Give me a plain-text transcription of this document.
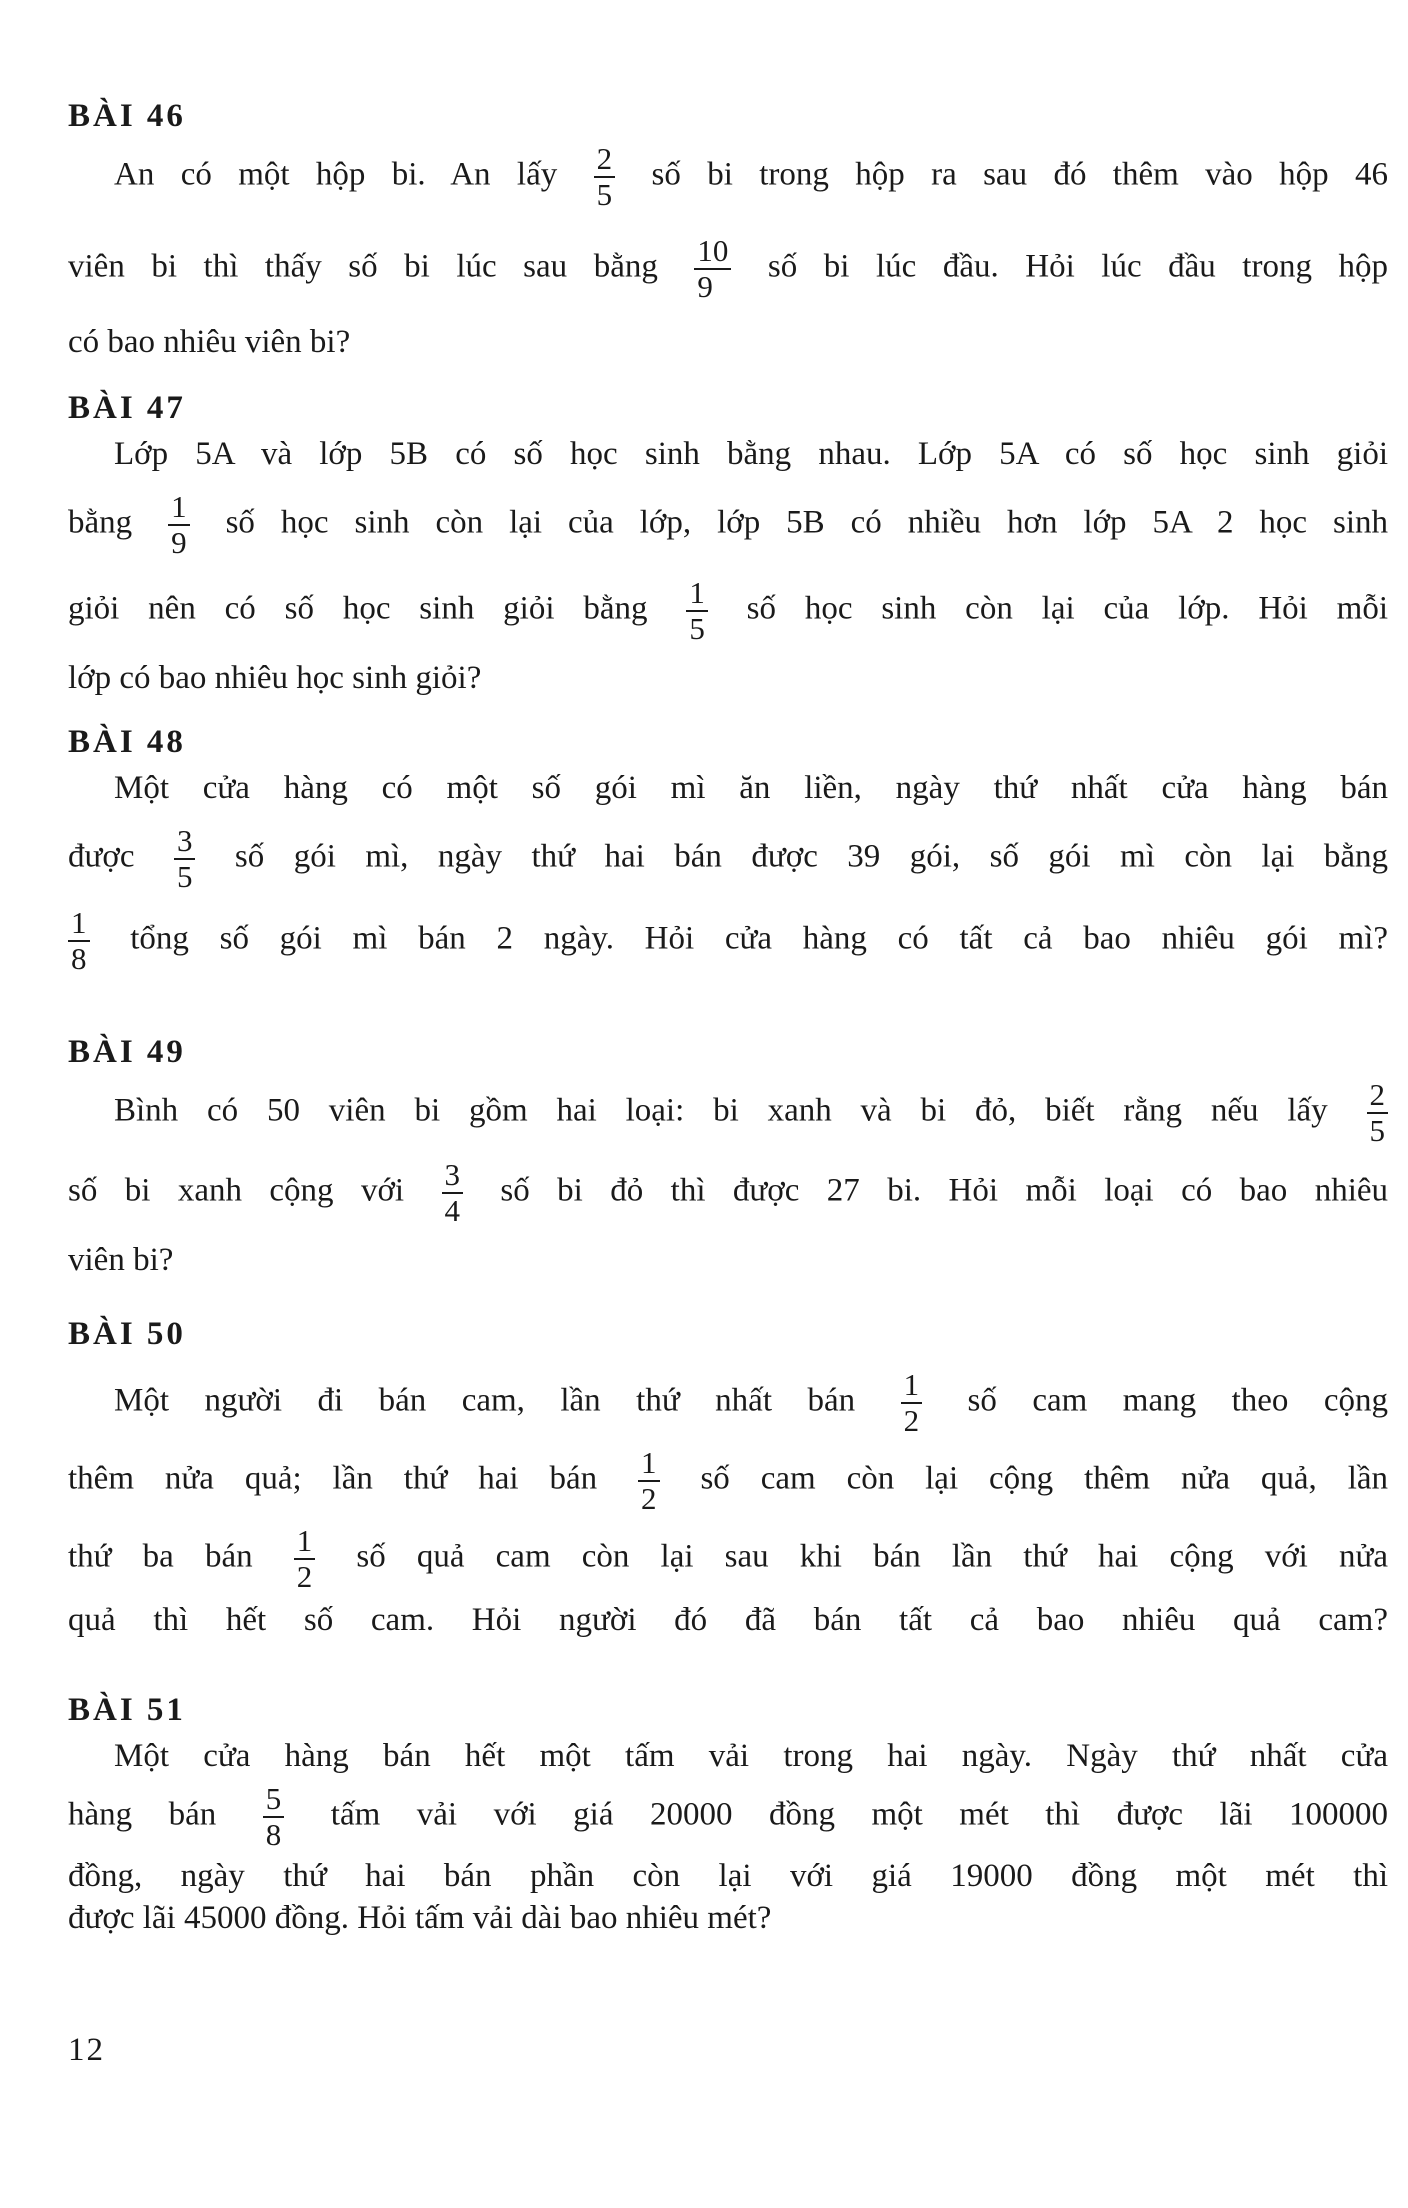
BÀI 46
An có một hộp bi. An lấy $\frac{2}{5}$ số bi trong hộp ra sau đó thêm vào hộp 46
viên bi thì thấy số bi lúc sau bằng $\frac{10}{9}$ số bi lúc đầu. Hỏi lúc đầu trong hộp
có bao nhiêu viên bi?
BÀI 47
Lớp 5A và lớp 5B có số học sinh bằng nhau. Lớp 5A có số học sinh giỏi
bằng $\frac{1}{9}$ số học sinh còn lại của lớp, lớp 5B có nhiều hơn lớp 5A 2 học sinh
giỏi nên có số học sinh giỏi bằng $\frac{1}{5}$ số học sinh còn lại của lớp. Hỏi mỗi
lớp có bao nhiêu học sinh giỏi?
BÀI 48
Một cửa hàng có một số gói mì ăn liền, ngày thứ nhất cửa hàng bán
được $\frac{3}{5}$ số gói mì, ngày thứ hai bán được 39 gói, số gói mì còn lại bằng
$\frac{1}{8}$ tổng số gói mì bán 2 ngày. Hỏi cửa hàng có tất cả bao nhiêu gói mì?
BÀI 49
Bình có 50 viên bi gồm hai loại: bi xanh và bi đỏ, biết rằng nếu lấy $\frac{2}{5}$
số bi xanh cộng với $\frac{3}{4}$ số bi đỏ thì được 27 bi. Hỏi mỗi loại có bao nhiêu
viên bi?
BÀI 50
Một người đi bán cam, lần thứ nhất bán $\frac{1}{2}$ số cam mang theo cộng
thêm nửa quả; lần thứ hai bán $\frac{1}{2}$ số cam còn lại cộng thêm nửa quả, lần
thứ ba bán $\frac{1}{2}$ số quả cam còn lại sau khi bán lần thứ hai cộng với nửa
quả thì hết số cam. Hỏi người đó đã bán tất cả bao nhiêu quả cam?
BÀI 51
Một cửa hàng bán hết một tấm vải trong hai ngày. Ngày thứ nhất cửa
hàng bán $\frac{5}{8}$ tấm vải với giá 20000 đồng một mét thì được lãi 100000
đồng, ngày thứ hai bán phần còn lại với giá 19000 đồng một mét thì
được lãi 45000 đồng. Hỏi tấm vải dài bao nhiêu mét?
12
